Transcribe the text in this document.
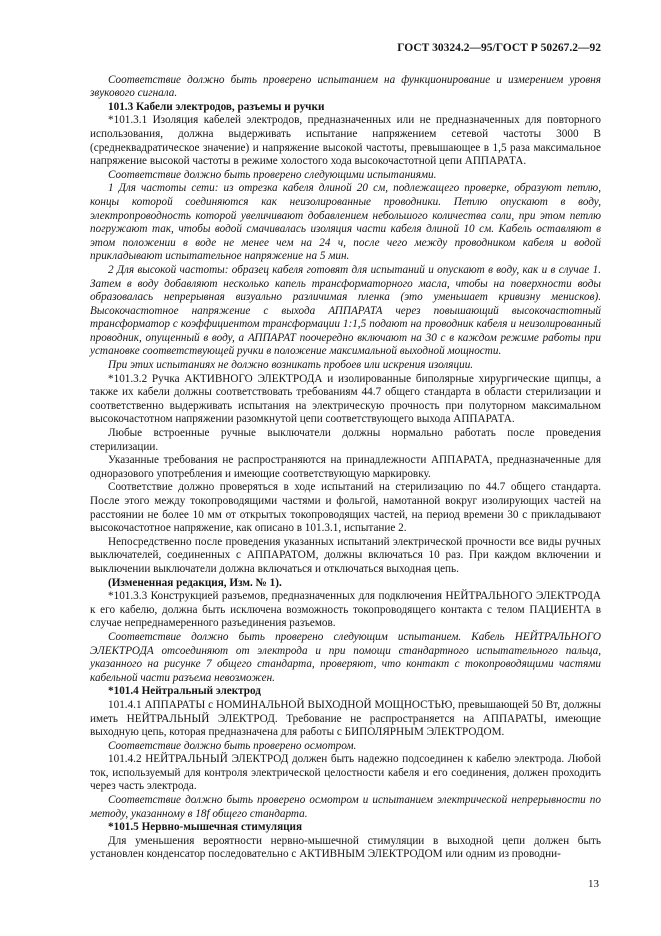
ГОСТ 30324.2—95/ГОСТ Р 50267.2—92

Соответствие должно быть проверено испытанием на функционирование и измерением уровня звукового сигнала.

101.3 Кабели электродов, разъемы и ручки

*101.3.1 Изоляция кабелей электродов, предназначенных или не предназначенных для повторного использования, должна выдерживать испытание напряжением сетевой частоты 3000 В (среднеквадратическое значение) и напряжение высокой частоты, превышающее в 1,5 раза максимальное напряжение высокой частоты в режиме холостого хода высокочастотной цепи АППАРАТА.

Соответствие должно быть проверено следующими испытаниями.

1 Для частоты сети: из отрезка кабеля длиной 20 см, подлежащего проверке, образуют петлю, концы которой соединяются как неизолированные проводники. Петлю опускают в воду, электропроводность которой увеличивают добавлением небольшого количества соли, при этом петлю погружают так, чтобы водой смачивалась изоляция части кабеля длиной 10 см. Кабель оставляют в этом положении в воде не менее чем на 24 ч, после чего между проводником кабеля и водой прикладывают испытательное напряжение на 5 мин.

2 Для высокой частоты: образец кабеля готовят для испытаний и опускают в воду, как и в случае 1. Затем в воду добавляют несколько капель трансформаторного масла, чтобы на поверхности воды образовалась непрерывная визуально различимая пленка (это уменьшает кривизну менисков). Высокочастотное напряжение с выхода АППАРАТА через повышающий высокочастотный трансформатор с коэффициентом трансформации 1:1,5 подают на проводник кабеля и неизолированный проводник, опущенный в воду, а АППАРАТ поочередно включают на 30 с в каждом режиме работы при установке соответствующей ручки в положение максимальной выходной мощности.

При этих испытаниях не должно возникать пробоев или искрения изоляции.

*101.3.2 Ручка АКТИВНОГО ЭЛЕКТРОДА и изолированные биполярные хирургические щипцы, а также их кабели должны соответствовать требованиям 44.7 общего стандарта в области стерилизации и соответственно выдерживать испытания на электрическую прочность при полуторном максимальном высокочастотном напряжении разомкнутой цепи соответствующего выхода АППАРАТА.

Любые встроенные ручные выключатели должны нормально работать после проведения стерилизации.

Указанные требования не распространяются на принадлежности АППАРАТА, предназначенные для одноразового употребления и имеющие соответствующую маркировку.

Соответствие должно проверяться в ходе испытаний на стерилизацию по 44.7 общего стандарта. После этого между токопроводящими частями и фольгой, намотанной вокруг изолирующих частей на расстоянии не более 10 мм от открытых токопроводящих частей, на период времени 30 с прикладывают высокочастотное напряжение, как описано в 101.3.1, испытание 2.

Непосредственно после проведения указанных испытаний электрической прочности все виды ручных выключателей, соединенных с АППАРАТОМ, должны включаться 10 раз. При каждом включении и выключении выключатели должна включаться и отключаться выходная цепь.

(Измененная редакция, Изм. № 1).

*101.3.3 Конструкцией разъемов, предназначенных для подключения НЕЙТРАЛЬНОГО ЭЛЕКТРОДА к его кабелю, должна быть исключена возможность токопроводящего контакта с телом ПАЦИЕНТА в случае непреднамеренного разъединения разъемов.

Соответствие должно быть проверено следующим испытанием. Кабель НЕЙТРАЛЬНОГО ЭЛЕКТРОДА отсоединяют от электрода и при помощи стандартного испытательного пальца, указанного на рисунке 7 общего стандарта, проверяют, что контакт с токопроводящими частями кабельной части разъема невозможен.

*101.4 Нейтральный электрод

101.4.1 АППАРАТЫ с НОМИНАЛЬНОЙ ВЫХОДНОЙ МОЩНОСТЬЮ, превышающей 50 Вт, должны иметь НЕЙТРАЛЬНЫЙ ЭЛЕКТРОД. Требование не распространяется на АППАРАТЫ, имеющие выходную цепь, которая предназначена для работы с БИПОЛЯРНЫМ ЭЛЕКТРОДОМ.

Соответствие должно быть проверено осмотром.

101.4.2 НЕЙТРАЛЬНЫЙ ЭЛЕКТРОД должен быть надежно подсоединен к кабелю электрода. Любой ток, используемый для контроля электрической целостности кабеля и его соединения, должен проходить через часть электрода.

Соответствие должно быть проверено осмотром и испытанием электрической непрерывности по методу, указанному в 18f общего стандарта.

*101.5 Нервно-мышечная стимуляция

Для уменьшения вероятности нервно-мышечной стимуляции в выходной цепи должен быть установлен конденсатор последовательно с АКТИВНЫМ ЭЛЕКТРОДОМ или одним из проводни-

13
